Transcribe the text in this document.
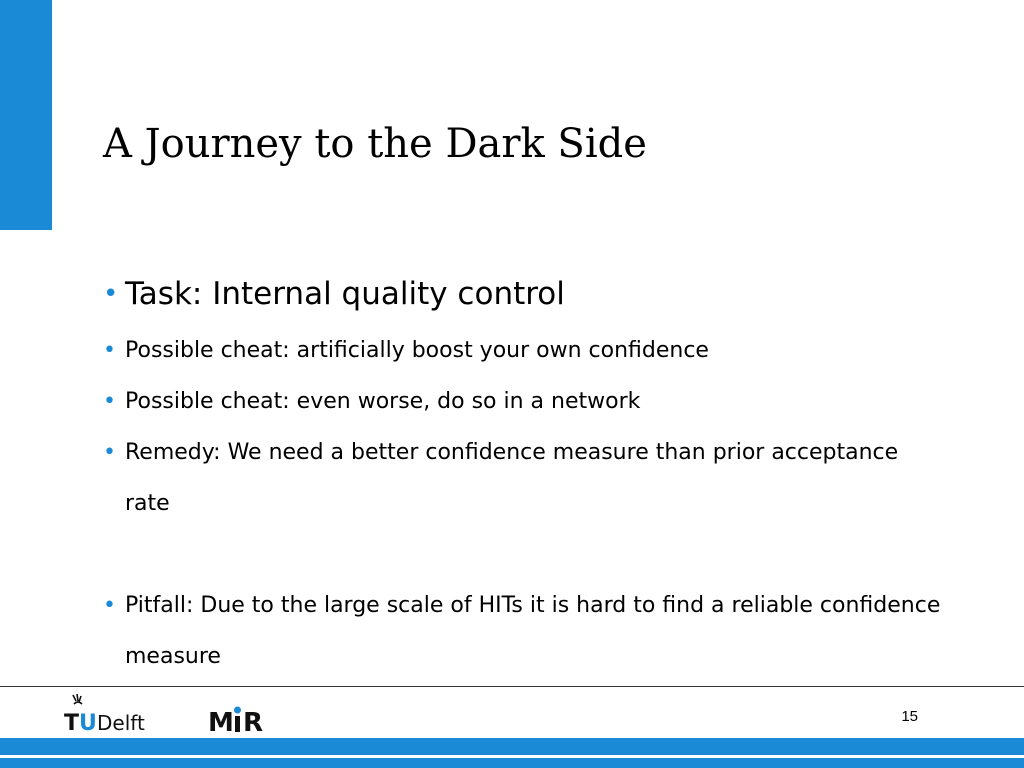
A Journey to the Dark Side
• Task: Internal quality control
• Possible cheat: artificially boost your own confidence
• Possible cheat: even worse, do so in a network
• Remedy: We need a better confidence measure than prior acceptance rate
• Pitfall: Due to the large scale of HITs it is hard to find a reliable confidence measure
T U Delft M R	15
